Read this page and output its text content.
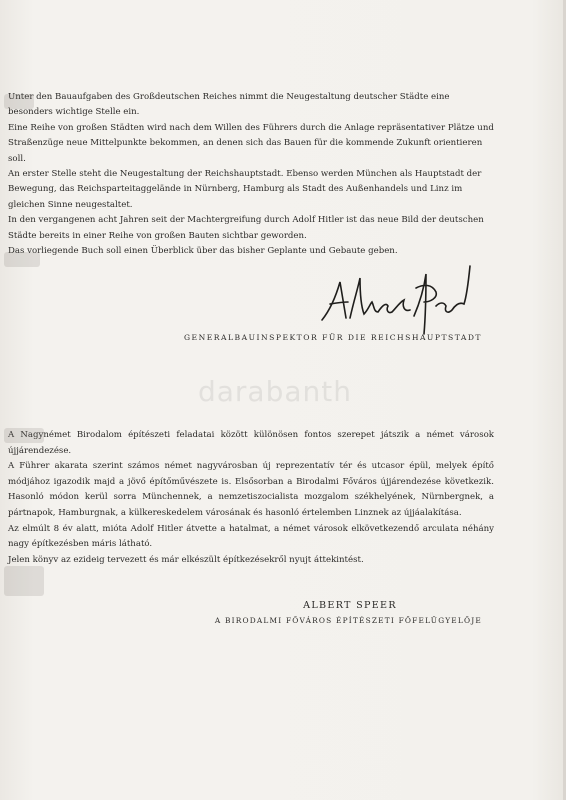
Unter den Bauaufgaben des Großdeutschen Reiches nimmt die Neugestaltung deutscher Städte eine besonders wichtige Stelle ein.

Eine Reihe von großen Städten wird nach dem Willen des Führers durch die Anlage repräsentativer Plätze und Straßenzüge neue Mittelpunkte bekommen, an denen sich das Bauen für die kommende Zukunft orientieren soll.

An erster Stelle steht die Neugestaltung der Reichshauptstadt. Ebenso werden München als Hauptstadt der Bewegung, das Reichsparteitaggelände in Nürnberg, Hamburg als Stadt des Außenhandels und Linz im gleichen Sinne neugestaltet.

In den vergangenen acht Jahren seit der Machtergreifung durch Adolf Hitler ist das neue Bild der deutschen Städte bereits in einer Reihe von großen Bauten sichtbar geworden.

Das vorliegende Buch soll einen Überblick über das bisher Geplante und Gebaute geben.

GENERALBAUINSPEKTOR FÜR DIE REICHSHAUPTSTADT
darabanth

A Nagynémet Birodalom építészeti feladatai között különösen fontos szerepet játszik a német városok újjárendezése.

A Führer akarata szerint számos német nagyvárosban új reprezentatív tér és utcasor épül, melyek építő módjához igazodik majd a jövő építőművészete is. Elsősorban a Birodalmi Főváros újjárendezése következik. Hasonló módon kerül sorra Münchennek, a nemzetiszocialista mozgalom székhelyének, Nürnbergnek, a pártnapok, Hamburgnak, a külkereskedelem városának és hasonló értelemben Linznek az újjáalakítása.

Az elmúlt 8 év alatt, mióta Adolf Hitler átvette a hatalmat, a német városok elkövetkezendő arculata néhány nagy építkezésben máris látható.

Jelen könyv az ezideig tervezett és már elkészült építkezésekről nyujt áttekintést.

ALBERT SPEER
A BIRODALMI FŐVÁROS ÉPÍTÉSZETI FŐFELÜGYELŐJE
